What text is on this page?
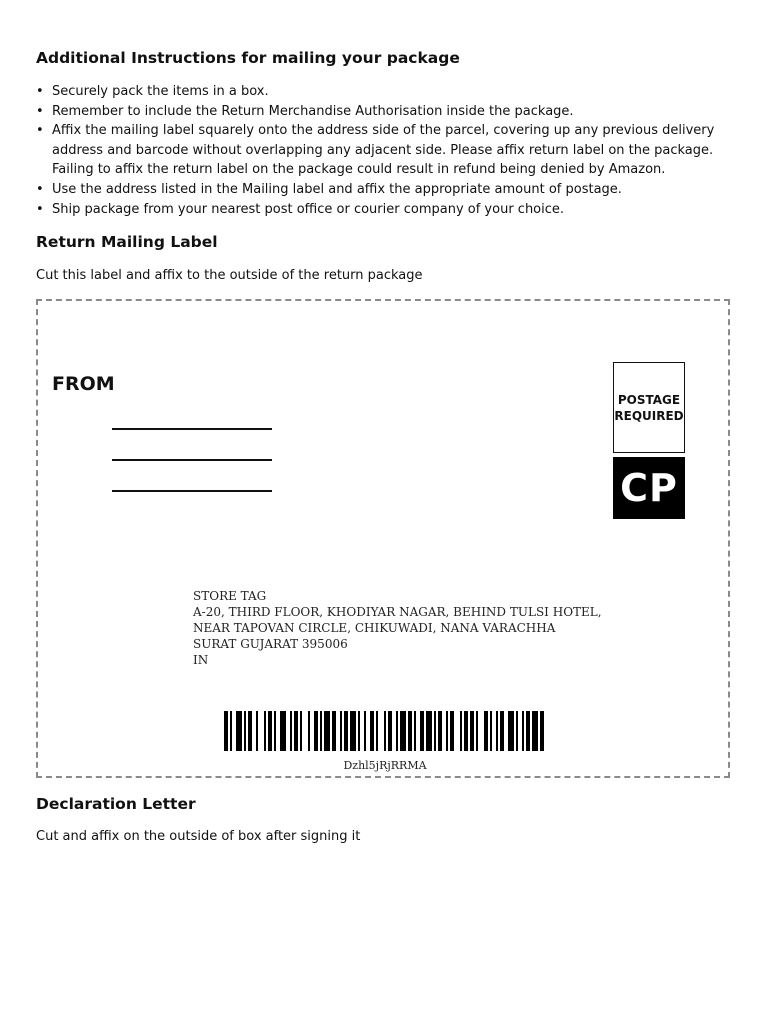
Additional Instructions for mailing your package
• Securely pack the items in a box.
• Remember to include the Return Merchandise Authorisation inside the package.
• Affix the mailing label squarely onto the address side of the parcel, covering up any previous delivery address and barcode without overlapping any adjacent side. Please affix return label on the package. Failing to affix the return label on the package could result in refund being denied by Amazon.
• Use the address listed in the Mailing label and affix the appropriate amount of postage.
• Ship package from your nearest post office or courier company of your choice.
Return Mailing Label

Cut this label and affix to the outside of the return package

FROM
POSTAGE
REQUIRED
CP
STORE TAG
A-20, THIRD FLOOR, KHODIYAR NAGAR, BEHIND TULSI HOTEL,
NEAR TAPOVAN CIRCLE, CHIKUWADI, NANA VARACHHA
SURAT GUJARAT 395006
IN
Dzhl5jRjRRMA
Declaration Letter

Cut and affix on the outside of box after signing it
